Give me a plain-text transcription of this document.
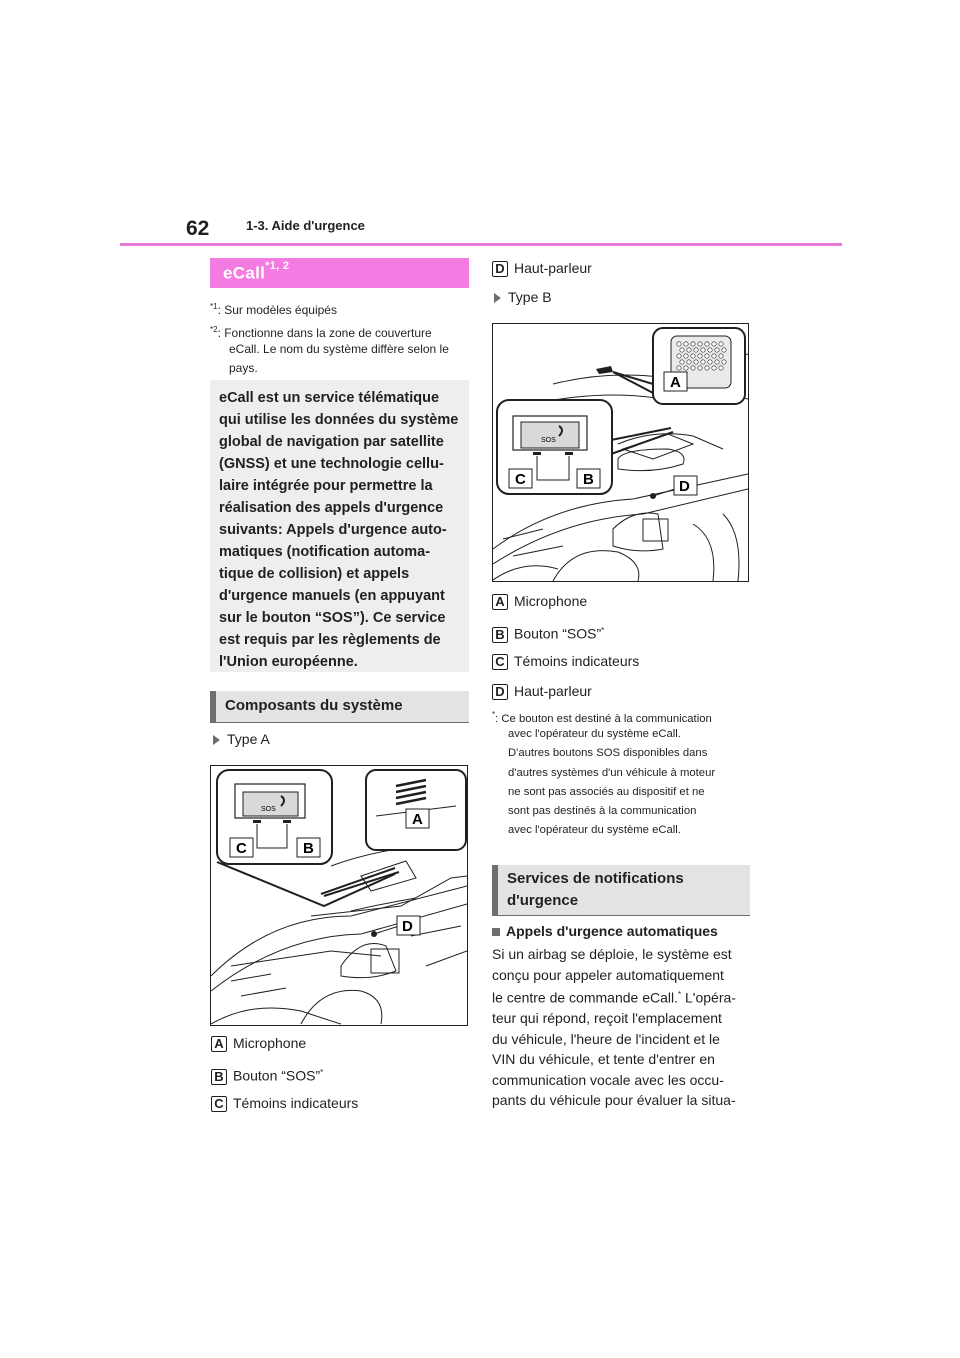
62	1-3. Aide d'urgence
eCall$^{*1, 2}$
$^{*1}$: Sur modèles équipés
$^{*2}$: Fonctionne dans la zone de couverture
eCall. Le nom du système diffère selon le
pays.
eCall est un service télématique
qui utilise les données du système
global de navigation par satellite
(GNSS) et une technologie cellu-
laire intégrée pour permettre la
réalisation des appels d'urgence
suivants: Appels d'urgence auto-
matiques (notification automa-
tique de collision) et appels
d'urgence manuels (en appuyant
sur le bouton “SOS”). Ce service
est requis par les règlements de
l'Union européenne.
Composants du système
Type A
SOS
C	B
A
D
A Microphone
B Bouton “SOS”*
C Témoins indicateurs
D Haut-parleur
Type B
A
SOS
C	B	D
A Microphone
B Bouton “SOS”*
C Témoins indicateurs
D Haut-parleur
*: Ce bouton est destiné à la communication
avec l'opérateur du système eCall.
D'autres boutons SOS disponibles dans
d'autres systèmes d'un véhicule à moteur
ne sont pas associés au dispositif et ne
sont pas destinés à la communication
avec l'opérateur du système eCall.
Services de notifications
d'urgence
Appels d'urgence automatiques
Si un airbag se déploie, le système est
conçu pour appeler automatiquement
le centre de commande eCall.* L'opéra-
teur qui répond, reçoit l'emplacement
du véhicule, l'heure de l'incident et le
VIN du véhicule, et tente d'entrer en
communication vocale avec les occu-
pants du véhicule pour évaluer la situa-
